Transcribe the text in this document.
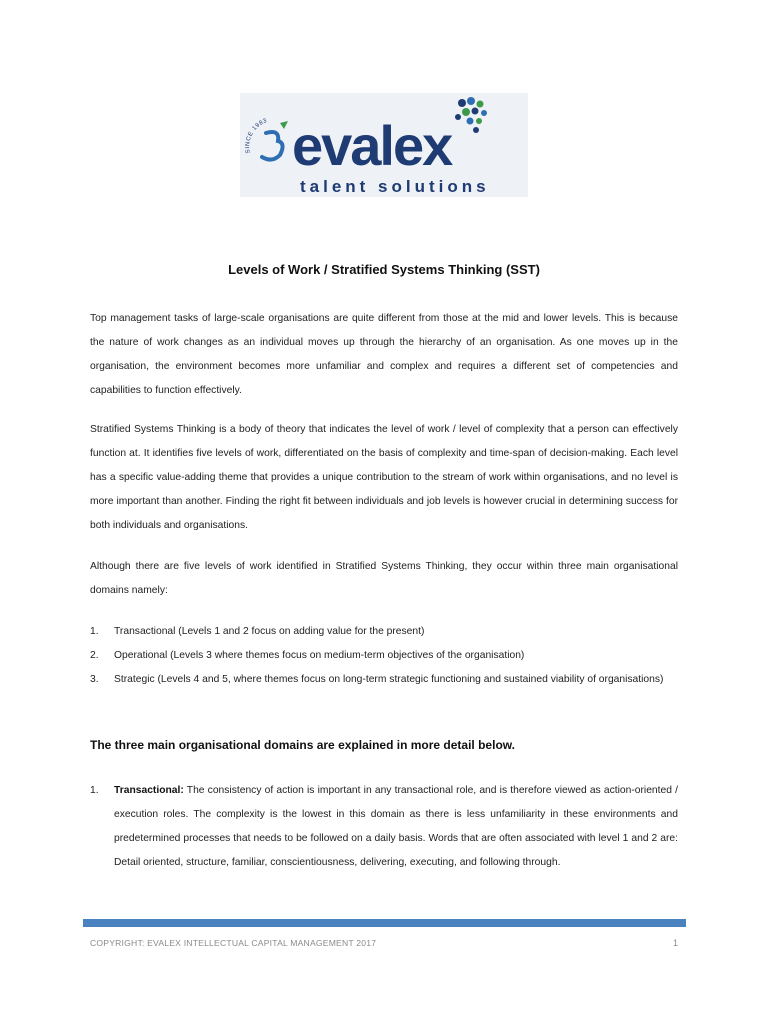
SINCE 1983 evalex
talent solutions
Levels of Work / Stratified Systems Thinking (SST)
Top management tasks of large-scale organisations are quite different from those at the mid and lower levels. This is because the nature of work changes as an individual moves up through the hierarchy of an organisation. As one moves up in the organisation, the environment becomes more unfamiliar and complex and requires a different set of competencies and capabilities to function effectively.
Stratified Systems Thinking is a body of theory that indicates the level of work / level of complexity that a person can effectively function at. It identifies five levels of work, differentiated on the basis of complexity and time-span of decision-making. Each level has a specific value-adding theme that provides a unique contribution to the stream of work within organisations, and no level is more important than another. Finding the right fit between individuals and job levels is however crucial in determining success for both individuals and organisations.
Although there are five levels of work identified in Stratified Systems Thinking, they occur within three main organisational domains namely:
1. Transactional (Levels 1 and 2 focus on adding value for the present)
2. Operational (Levels 3 where themes focus on medium-term objectives of the organisation)
3. Strategic (Levels 4 and 5, where themes focus on long-term strategic functioning and sustained viability of organisations)
The three main organisational domains are explained in more detail below.
1. Transactional: The consistency of action is important in any transactional role, and is therefore viewed as action-oriented / execution roles. The complexity is the lowest in this domain as there is less unfamiliarity in these environments and predetermined processes that needs to be followed on a daily basis. Words that are often associated with level 1 and 2 are: Detail oriented, structure, familiar, conscientiousness, delivering, executing, and following through.
COPYRIGHT: EVALEX INTELLECTUAL CAPITAL MANAGEMENT 2017	1
